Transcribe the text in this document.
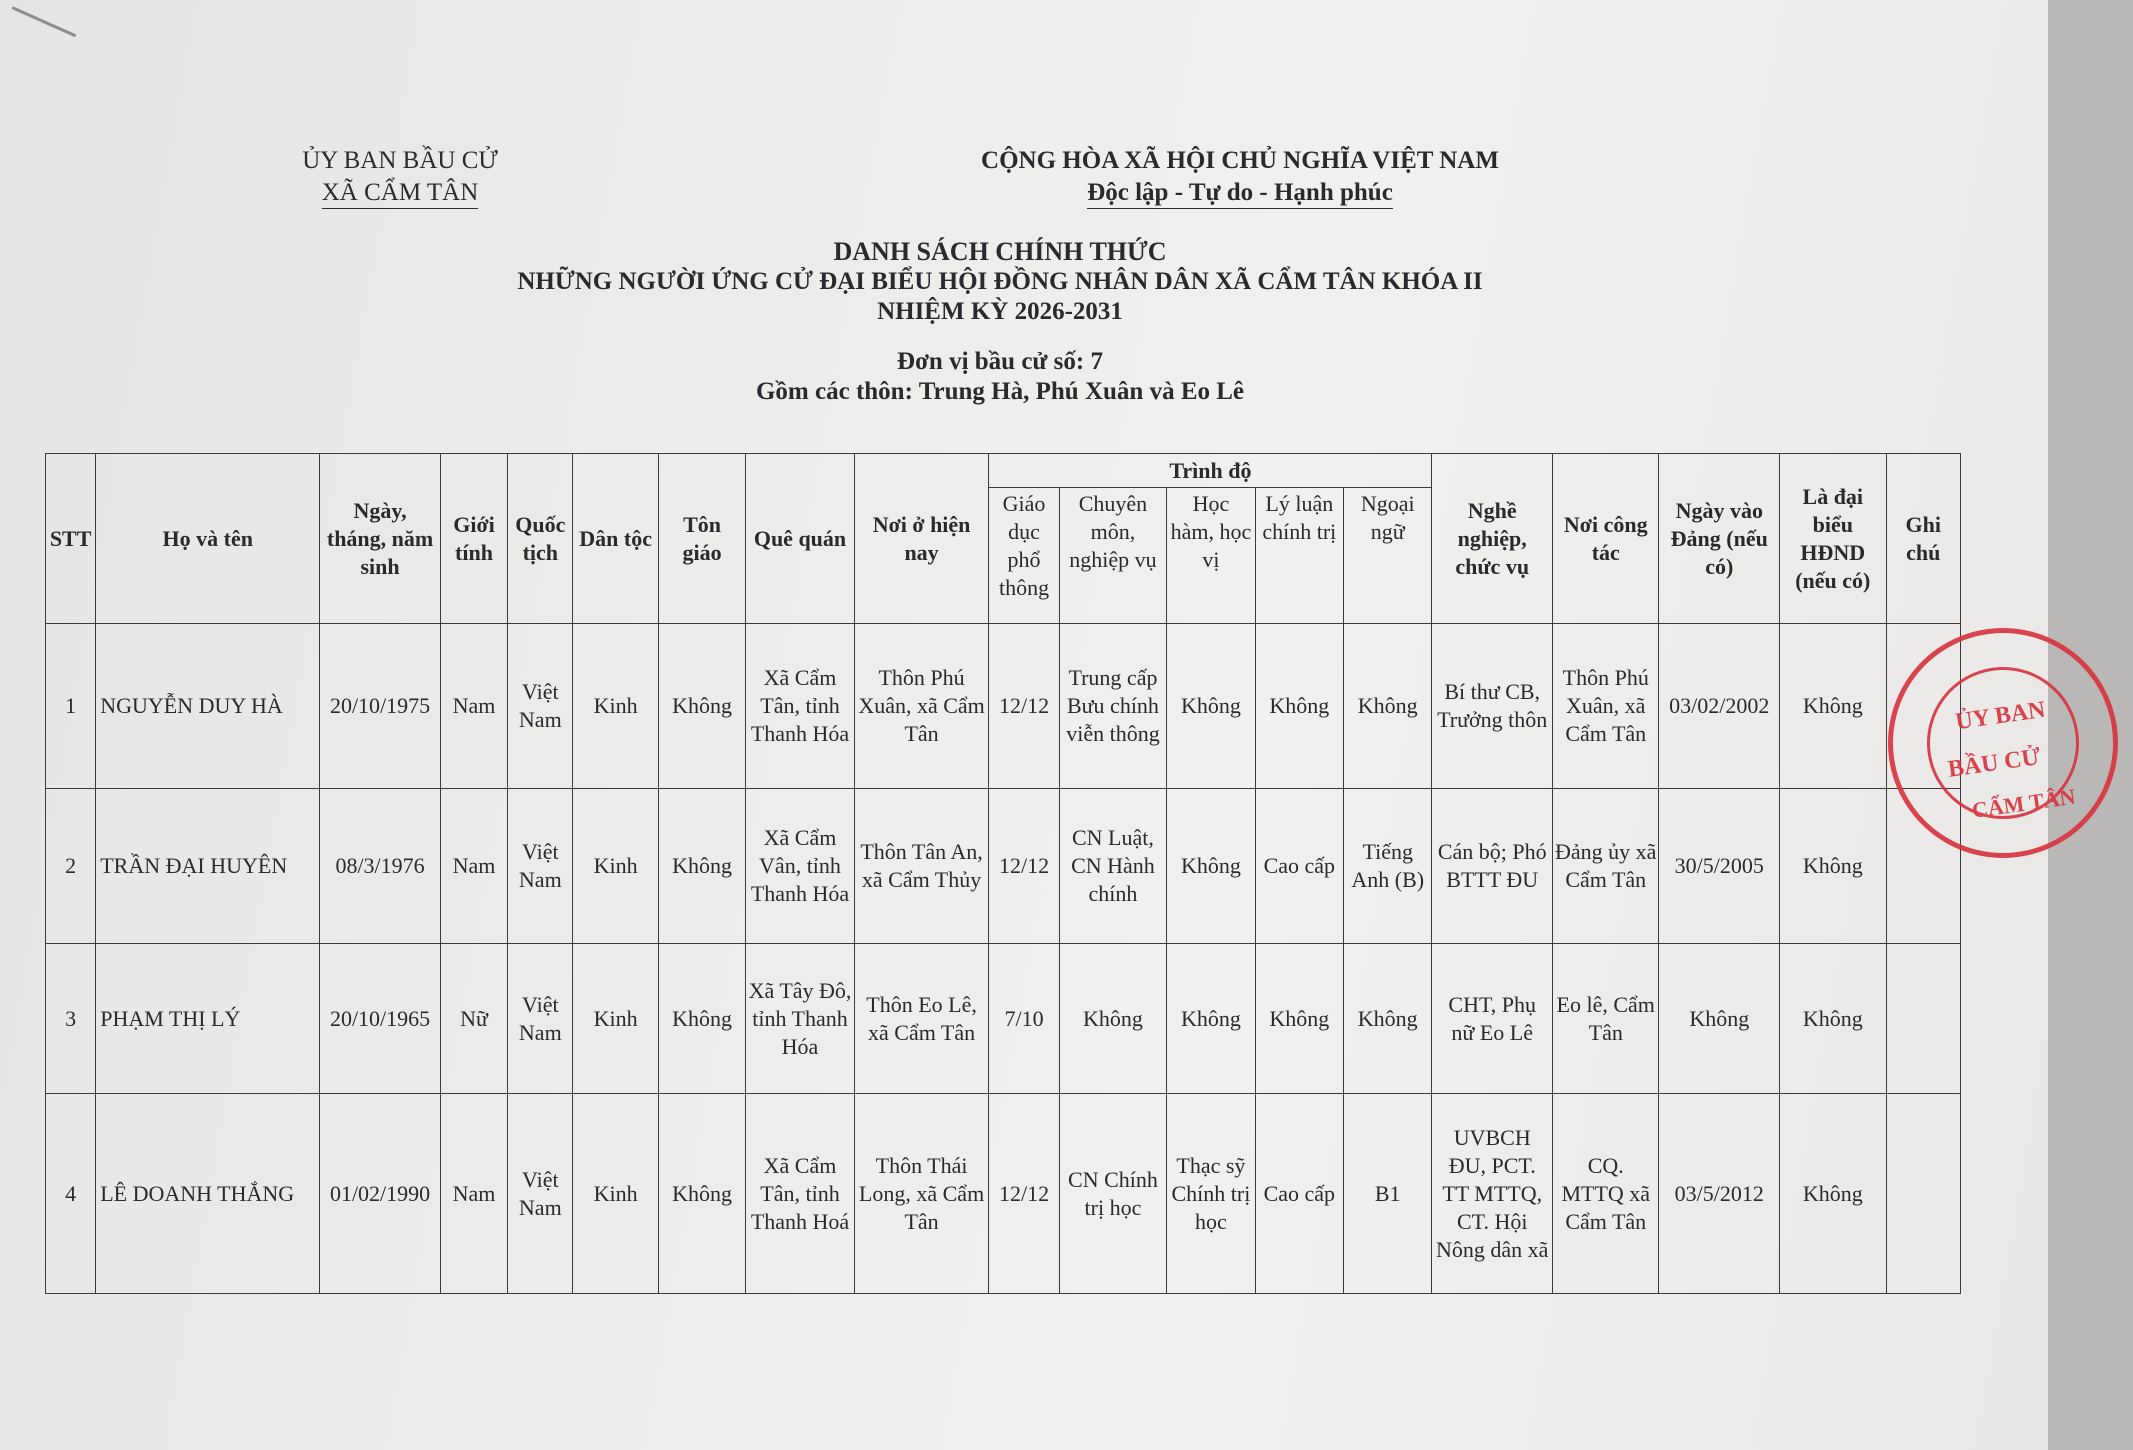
ỦY BAN BẦU CỬ
XÃ CẨM TÂN
CỘNG HÒA XÃ HỘI CHỦ NGHĨA VIỆT NAM
Độc lập - Tự do - Hạnh phúc
DANH SÁCH CHÍNH THỨC
NHỮNG NGƯỜI ỨNG CỬ ĐẠI BIỂU HỘI ĐỒNG NHÂN DÂN XÃ CẨM TÂN KHÓA II
NHIỆM KỲ 2026-2031
Đơn vị bầu cử số: 7
Gồm các thôn: Trung Hà, Phú Xuân và Eo Lê
STT	Họ và tên	Ngày, tháng, năm sinh	Giới tính	Quốc tịch	Dân tộc	Tôn giáo	Quê quán	Nơi ở hiện nay	Trình độ					Nghề nghiệp, chức vụ	Nơi công tác	Ngày vào Đảng (nếu có)	Là đại biểu HĐND (nếu có)	Ghi chú
									Giáo dục phổ thông	Chuyên môn, nghiệp vụ	Học hàm, học vị	Lý luận chính trị	Ngoại ngữ					
1	NGUYỄN DUY HÀ	20/10/1975	Nam	Việt Nam	Kinh	Không	Xã Cẩm Tân, tỉnh Thanh Hóa	Thôn Phú Xuân, xã Cẩm Tân	12/12	Trung cấp Bưu chính viễn thông	Không	Không	Không	Bí thư CB, Trưởng thôn	Thôn Phú Xuân, xã Cẩm Tân	03/02/2002	Không	
2	TRẦN ĐẠI HUYÊN	08/3/1976	Nam	Việt Nam	Kinh	Không	Xã Cẩm Vân, tỉnh Thanh Hóa	Thôn Tân An, xã Cẩm Thủy	12/12	CN Luật, CN Hành chính	Không	Cao cấp	Tiếng Anh (B)	Cán bộ; Phó BTTT ĐU	Đảng ủy xã Cẩm Tân	30/5/2005	Không	
3	PHẠM THỊ LÝ	20/10/1965	Nữ	Việt Nam	Kinh	Không	Xã Tây Đô, tỉnh Thanh Hóa	Thôn Eo Lê, xã Cẩm Tân	7/10	Không	Không	Không	Không	CHT, Phụ nữ Eo Lê	Eo lê, Cẩm Tân	Không	Không	
4	LÊ DOANH THẮNG	01/02/1990	Nam	Việt Nam	Kinh	Không	Xã Cẩm Tân, tỉnh Thanh Hoá	Thôn Thái Long, xã Cẩm Tân	12/12	CN Chính trị học	Thạc sỹ Chính trị học	Cao cấp	B1	UVBCH ĐU, PCT. TT MTTQ, CT. Hội Nông dân xã	CQ. MTTQ xã Cẩm Tân	03/5/2012	Không	
ỦY BAN
BẦU CỬ
CẨM TÂN
